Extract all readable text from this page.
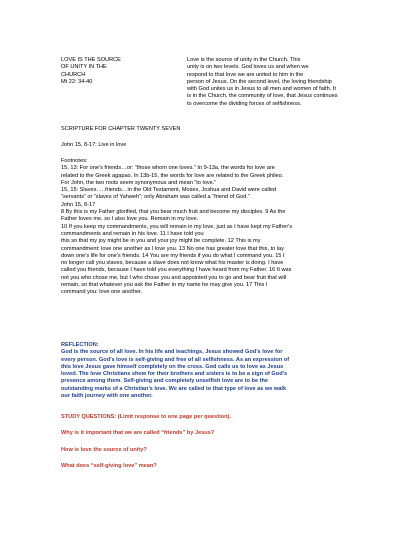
LOVE IS THE SOURCE
OF UNITY IN THE
CHURCH
Mt 22: 34-40
Love is the source of unity in the Church. This
unity is on two levels. God loves us and when we
respond to that love we are united to him in the
person of Jesus. On the second level, the loving friendship
with God unites us in Jesus to all men and women of faith. It
is in the Church, the community of love, that Jesus continues
to overcome the dividing forces of selfishness.
SCRIPTURE FOR CHAPTER TWENTY SEVEN
John 15, 8-17: Live in love
Footnotes:
15, 13: For one’s friends…or: “those whom one loves.” In 9-13a, the words for love are
related to the Greek agapao. In 13b-15, the words for love are related to the Greek phileo.
For John, the two roots seem synonymous and mean “to love.”
15, 15: Slaves. …friends…in the Old Testament, Moses, Joshua and David were called
“servants” or “slaves of Yahweh”; only Abraham was called a “friend of God.”
John 15, 8-17
8 By this is my Father glorified, that you bear much fruit and become my disciples. 9 As the
Father loves me, so I also love you. Remain in my love.
10 If you keep my commandments, you will remain in my love, just as I have kept my Father's
commandments and remain in his love. 11 I have told you
this so that my joy might be in you and your joy might be complete. 12 This is my
commandment: love one another as I love you. 13 No one has greater love that this, to lay
down one's life for one's friends. 14 You are my friends if you do what I command you. 15 I
no longer call you slaves, because a slave does not know what his master is doing. I have
called you friends, because I have told you everything I have heard from my Father. 16 It was
not you who chose me, but I who chose you and appointed you to go and bear fruit that will
remain, so that whatever you ask the Father in my name he may give you. 17 This I
command you: love one another.
REFLECTION:
God is the source of all love. In his life and teachings, Jesus showed God’s love for
every person. God’s love is self-giving and free of all selfishness. As an expression of
this love Jesus gave himself completely on the cross. God calls us to love as Jesus
loved. The love Christians show for their brothers and sisters is to be a sign of God’s
presence among them. Self-giving and completely unselfish love are to be the
outstanding marks of a Christian’s love. We are called to that type of love as we walk
our faith journey with one another.
STUDY QUESTIONS: (Limit response to one page per question).
Why is it important that we are called “friends” by Jesus?
How is love the source of unity?
What does “self-giving love” mean?
